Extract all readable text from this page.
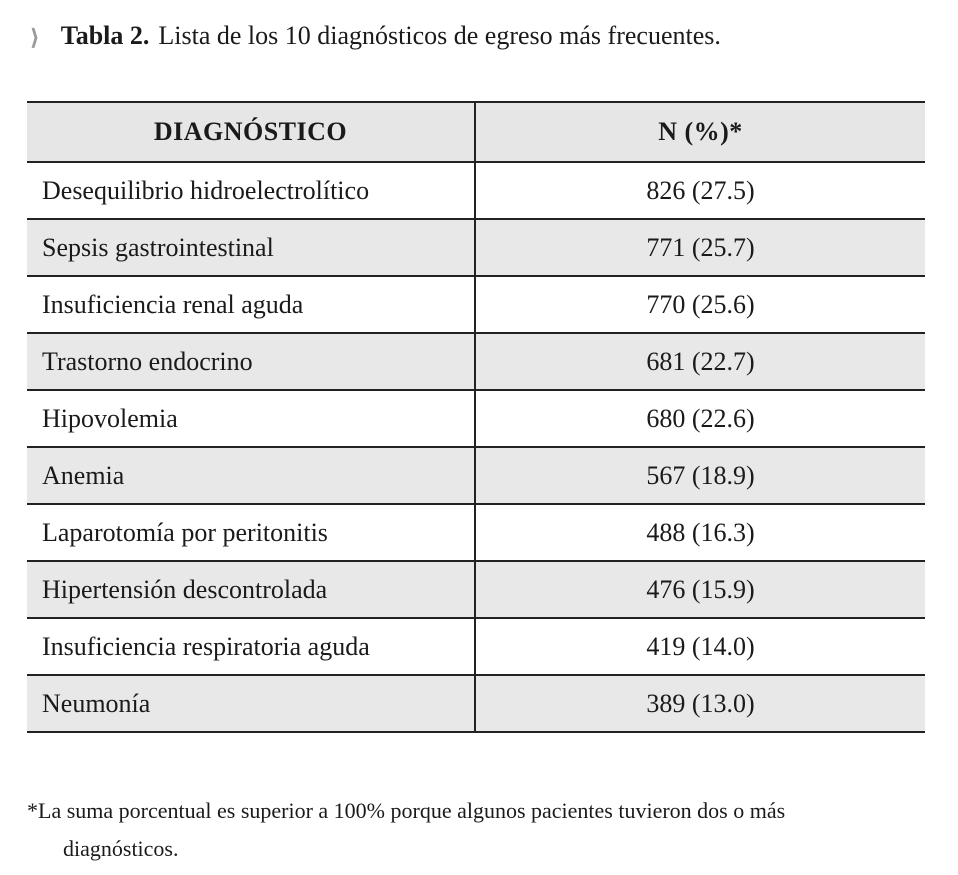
❱ Tabla 2. Lista de los 10 diagnósticos de egreso más frecuentes.
DIAGNÓSTICO	N (%)*
Desequilibrio hidroelectrolítico	826 (27.5)
Sepsis gastrointestinal	771 (25.7)
Insuficiencia renal aguda	770 (25.6)
Trastorno endocrino	681 (22.7)
Hipovolemia	680 (22.6)
Anemia	567 (18.9)
Laparotomía por peritonitis	488 (16.3)
Hipertensión descontrolada	476 (15.9)
Insuficiencia respiratoria aguda	419 (14.0)
Neumonía	389 (13.0)
*La suma porcentual es superior a 100% porque algunos pacientes tuvieron dos o más
diagnósticos.
